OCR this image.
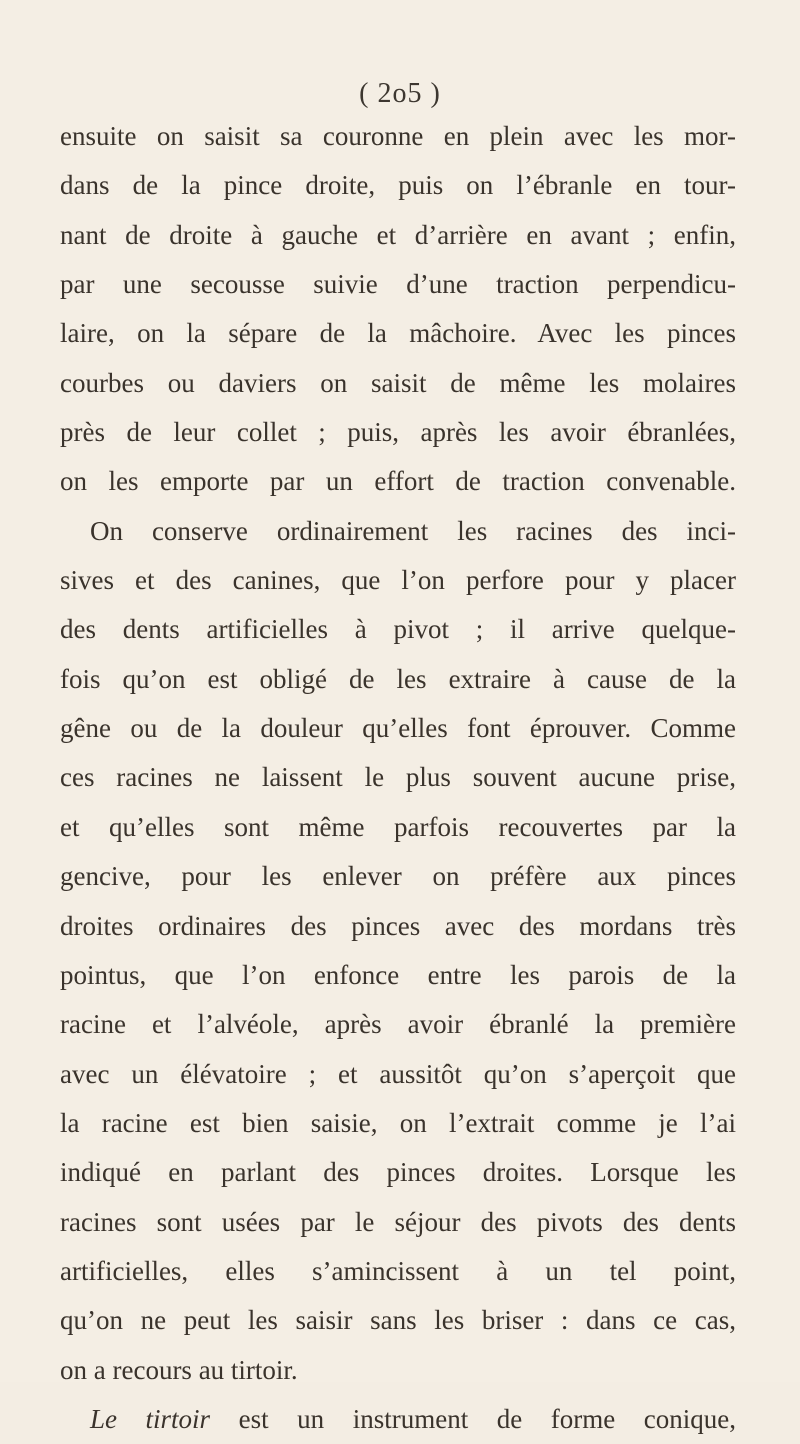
( 2o5 )
ensuite on saisit sa couronne en plein avec les mor-
dans de la pince droite, puis on l’ébranle en tour-
nant de droite à gauche et d’arrière en avant ; enfin,
par une secousse suivie d’une traction perpendicu-
laire, on la sépare de la mâchoire. Avec les pinces
courbes ou daviers on saisit de même les molaires
près de leur collet ; puis, après les avoir ébranlées,
on les emporte par un effort de traction convenable.
On conserve ordinairement les racines des inci-
sives et des canines, que l’on perfore pour y placer
des dents artificielles à pivot ; il arrive quelque-
fois qu’on est obligé de les extraire à cause de la
gêne ou de la douleur qu’elles font éprouver. Comme
ces racines ne laissent le plus souvent aucune prise,
et qu’elles sont même parfois recouvertes par la
gencive, pour les enlever on préfère aux pinces
droites ordinaires des pinces avec des mordans très
pointus, que l’on enfonce entre les parois de la
racine et l’alvéole, après avoir ébranlé la première
avec un élévatoire ; et aussitôt qu’on s’aperçoit que
la racine est bien saisie, on l’extrait comme je l’ai
indiqué en parlant des pinces droites. Lorsque les
racines sont usées par le séjour des pivots des dents
artificielles, elles s’amincissent à un tel point,
qu’on ne peut les saisir sans les briser : dans ce cas,
on a recours au tirtoir.
Le tirtoir est un instrument de forme conique,
